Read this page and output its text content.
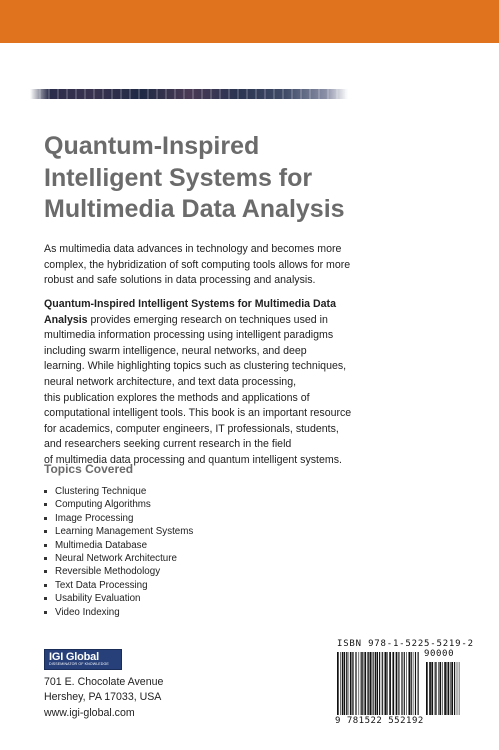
Quantum-Inspired
Intelligent Systems for
Multimedia Data Analysis
As multimedia data advances in technology and becomes more
complex, the hybridization of soft computing tools allows for more
robust and safe solutions in data processing and analysis.
Quantum-Inspired Intelligent Systems for Multimedia Data
Analysis provides emerging research on techniques used in
multimedia information processing using intelligent paradigms
including swarm intelligence, neural networks, and deep
learning. While highlighting topics such as clustering techniques,
neural network architecture, and text data processing,
this publication explores the methods and applications of
computational intelligent tools. This book is an important resource
for academics, computer engineers, IT professionals, students,
and researchers seeking current research in the field
of multimedia data processing and quantum intelligent systems.
Topics Covered
Clustering Technique
Computing Algorithms
Image Processing
Learning Management Systems
Multimedia Database
Neural Network Architecture
Reversible Methodology
Text Data Processing
Usability Evaluation
Video Indexing
IGI Global
DISSEMINATOR OF KNOWLEDGE
701 E. Chocolate Avenue
Hershey, PA 17033, USA
www.igi-global.com
ISBN 978-1-5225-5219-2
90000
9 781522 552192
